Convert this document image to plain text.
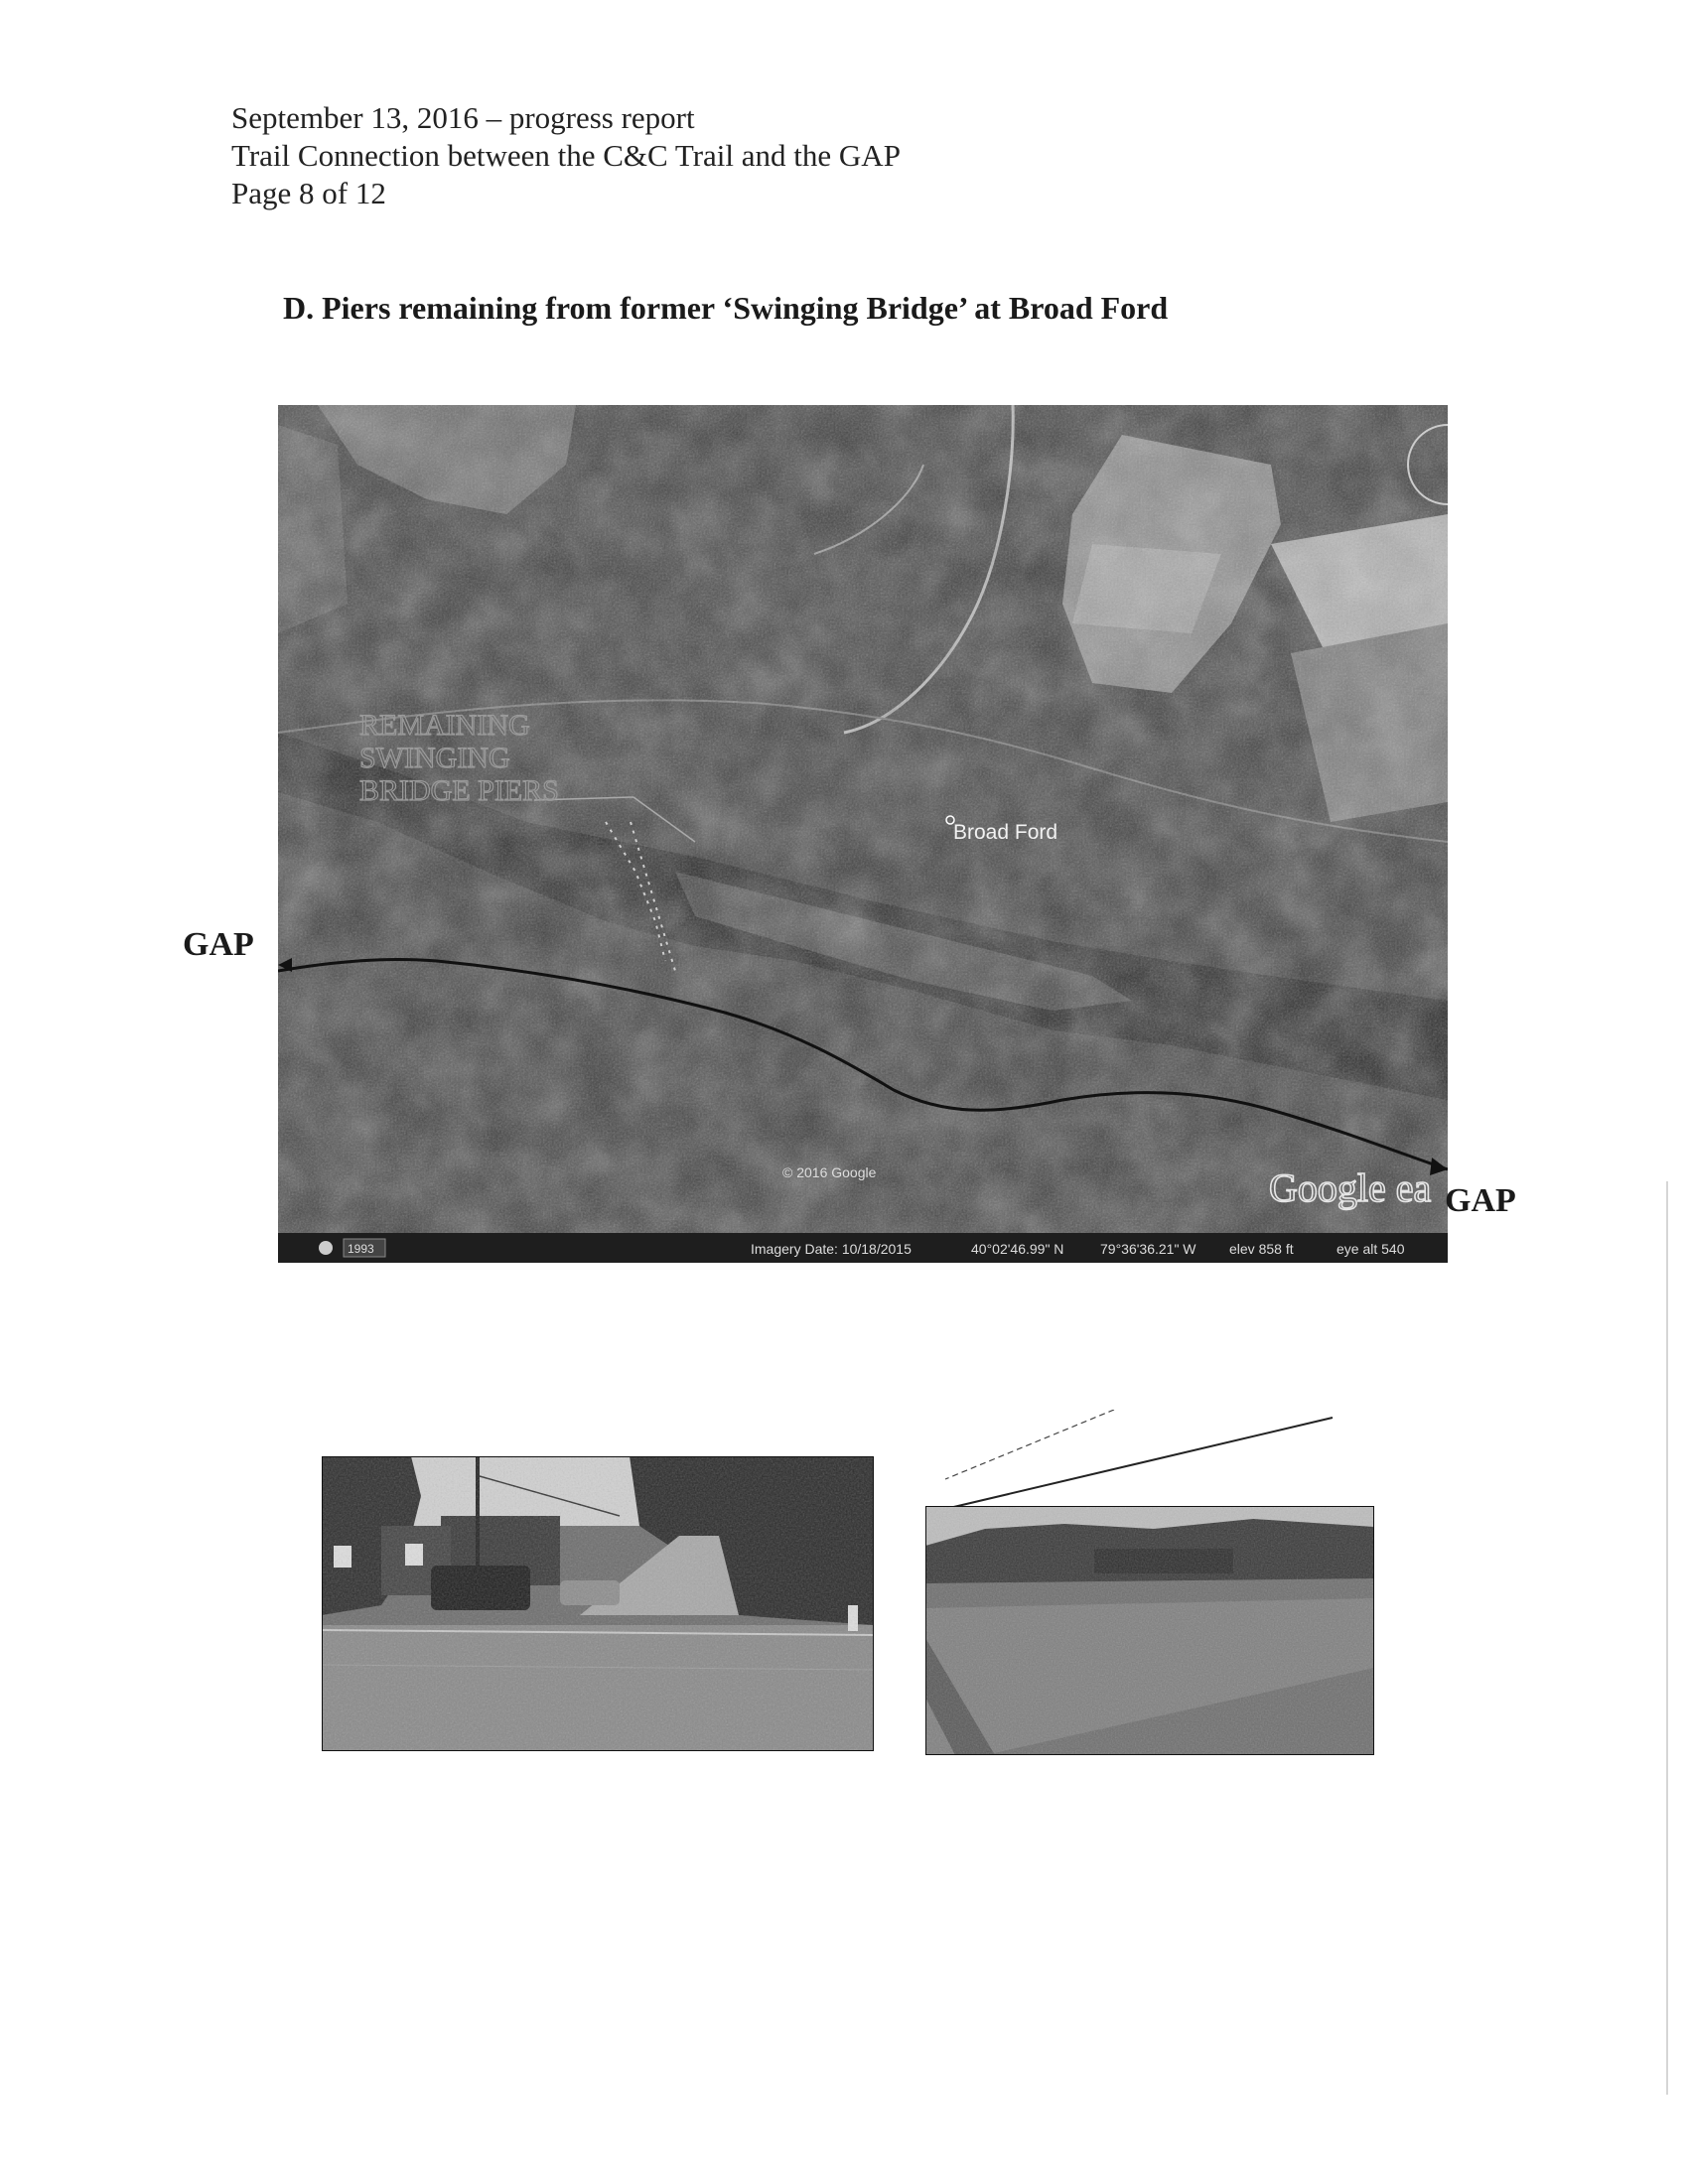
September 13, 2016 – progress report
Trail Connection between the C&C Trail and the GAP
Page 8 of 12
D. Piers remaining from former ‘Swinging Bridge’ at Broad Ford
REMAINING
SWINGING
BRIDGE PIERS
Broad Ford
© 2016 Google	Google ea
1993	Imagery Date: 10/18/2015	40°02'46.99" N	79°36'36.21" W elev 858 ft	eye alt 540
GAP
GAP
